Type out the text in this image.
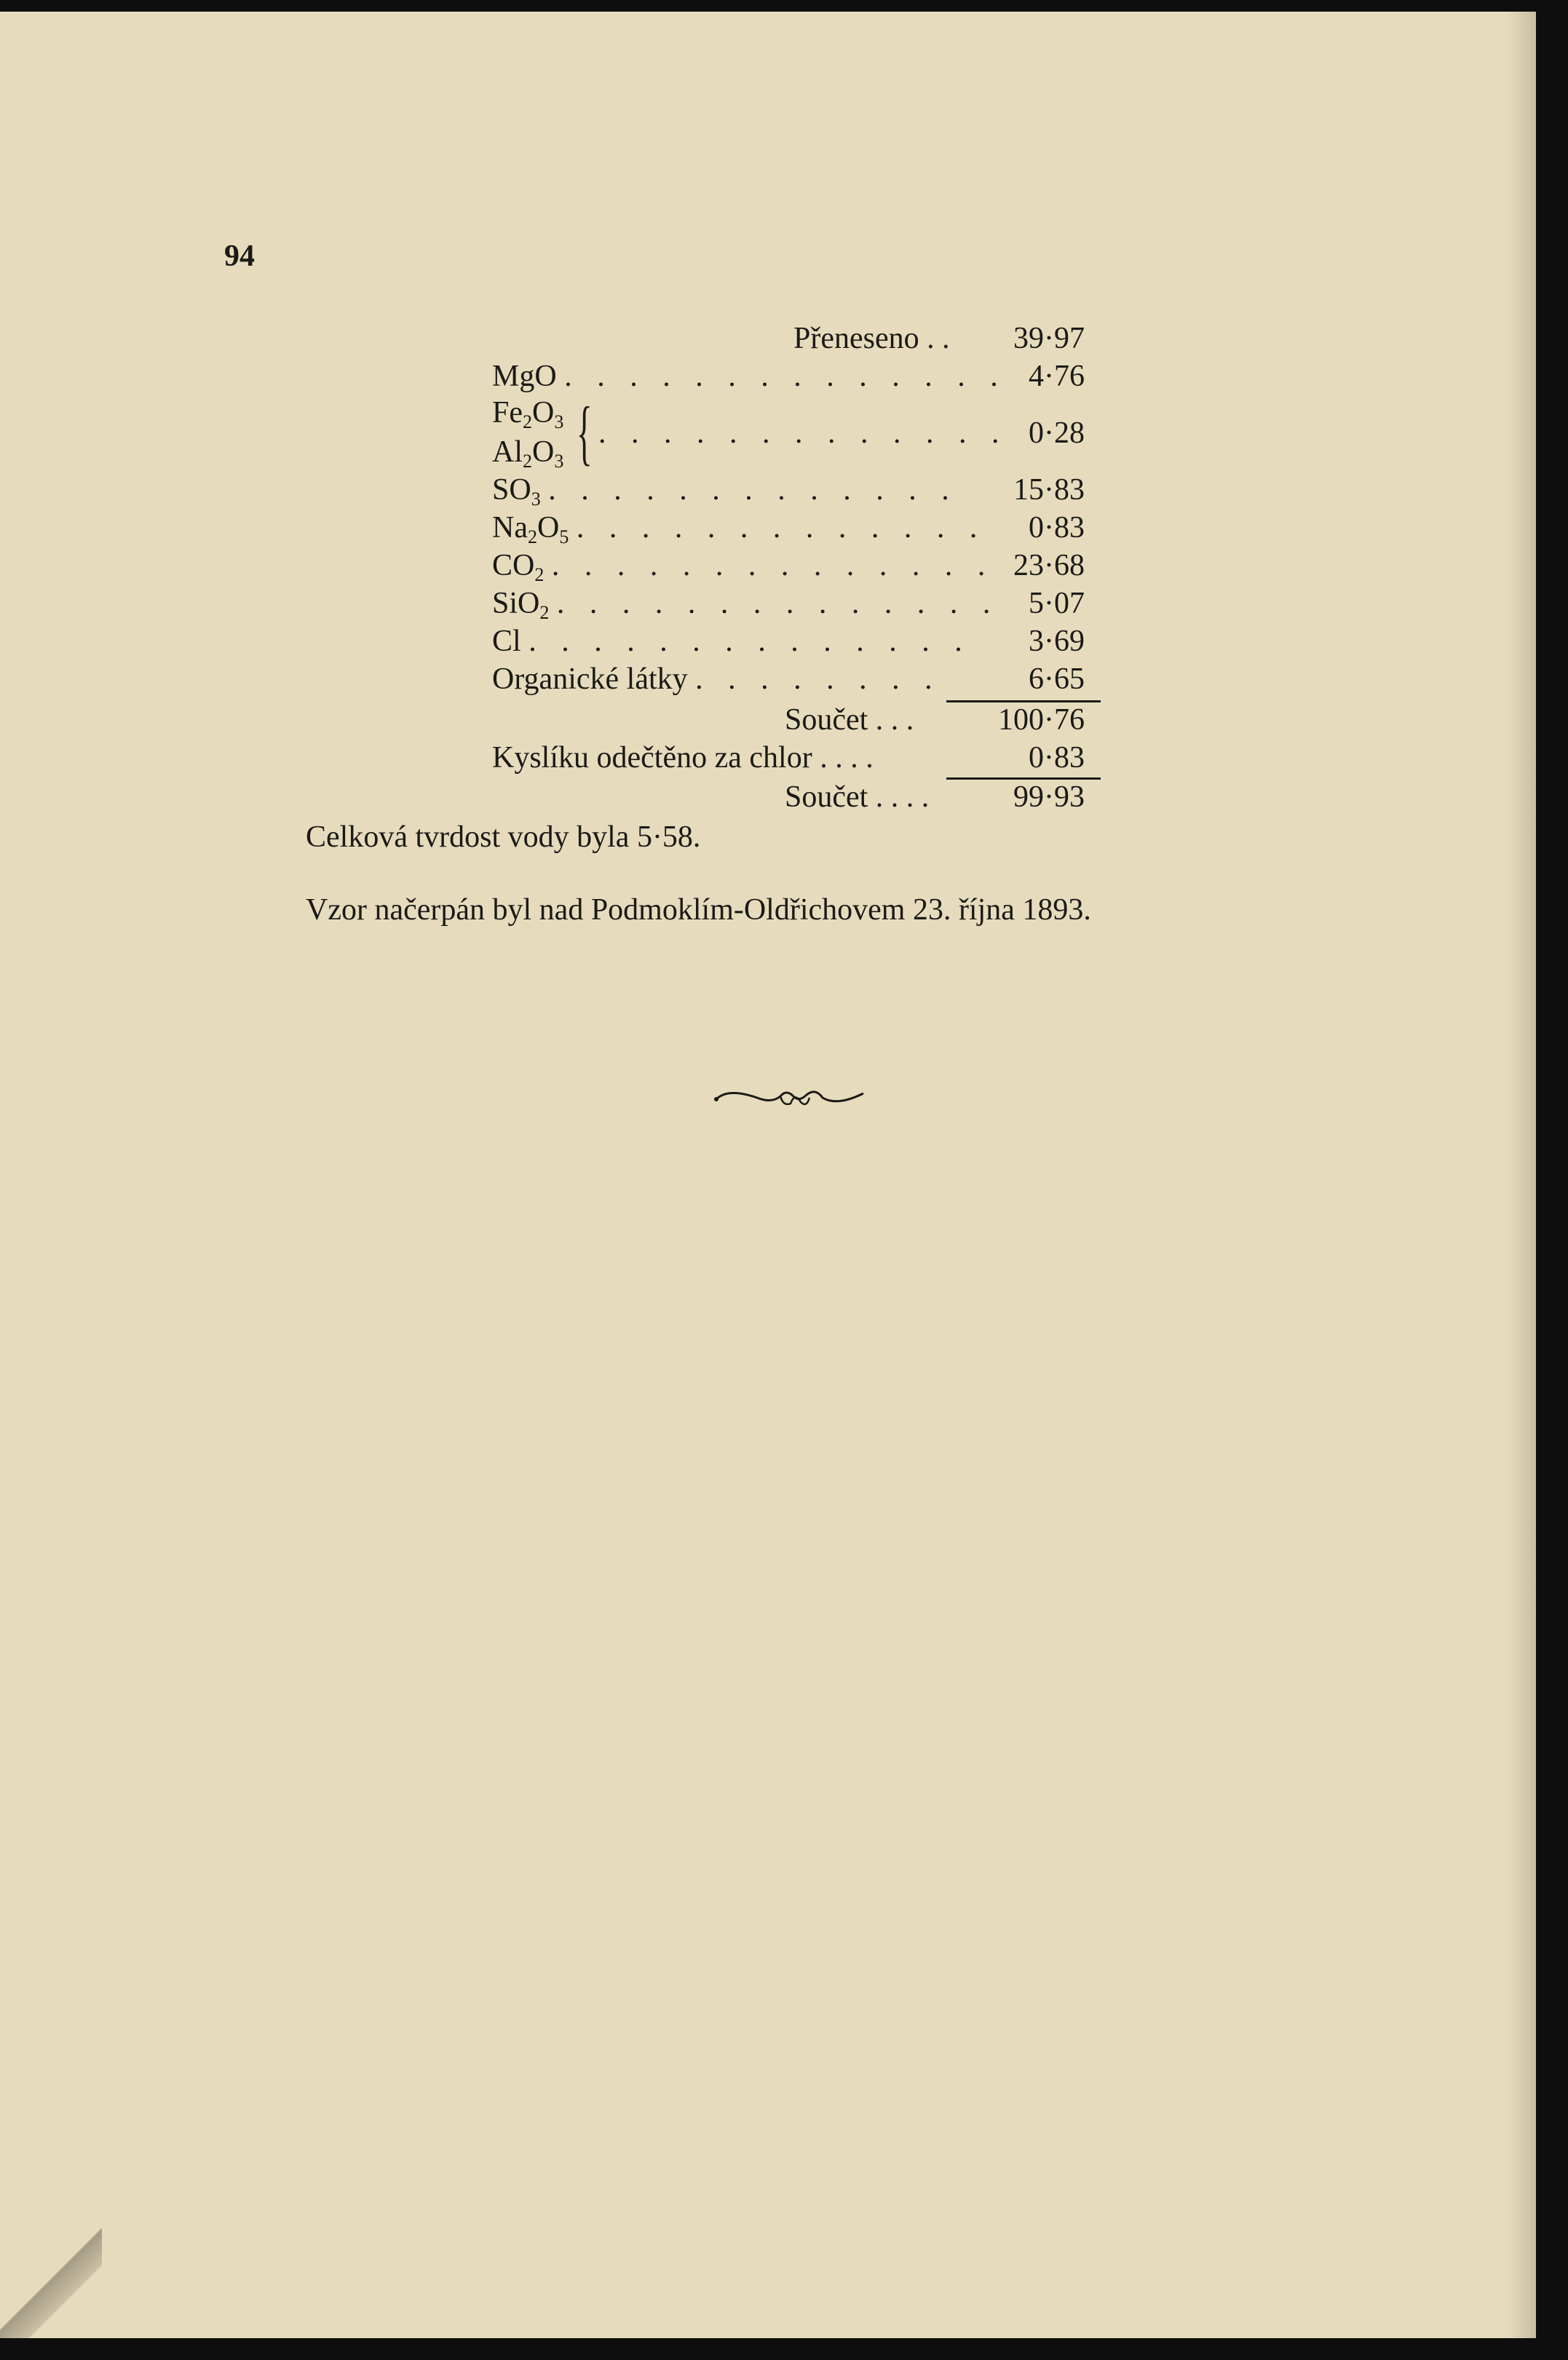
94
Přeneseno . . 39·97
MgO . . . . . . . . . . . . . . 4·76
$Fe_2O_3$
$Al_2O_3$ { . . . . . . . . . . . . . 0·28
$SO_3$ . . . . . . . . . . . . . 15·83
$Na_2O_5$ . . . . . . . . . . . . . 0·83
$CO_2$ . . . . . . . . . . . . . . 23·68
SiO$_2$ . . . . . . . . . . . . . . 5·07
Cl . . . . . . . . . . . . . . 3·69
Organické látky . . . . . . . .	6·65
Součet . . .	100·76
Kyslíku odečtěno za chlor . . . .	0·83
Součet . . . .	99·93
Celková tvrdost vody byla 5·58.
Vzor načerpán byl nad Podmoklím-Oldřichovem 23. října 1893.
